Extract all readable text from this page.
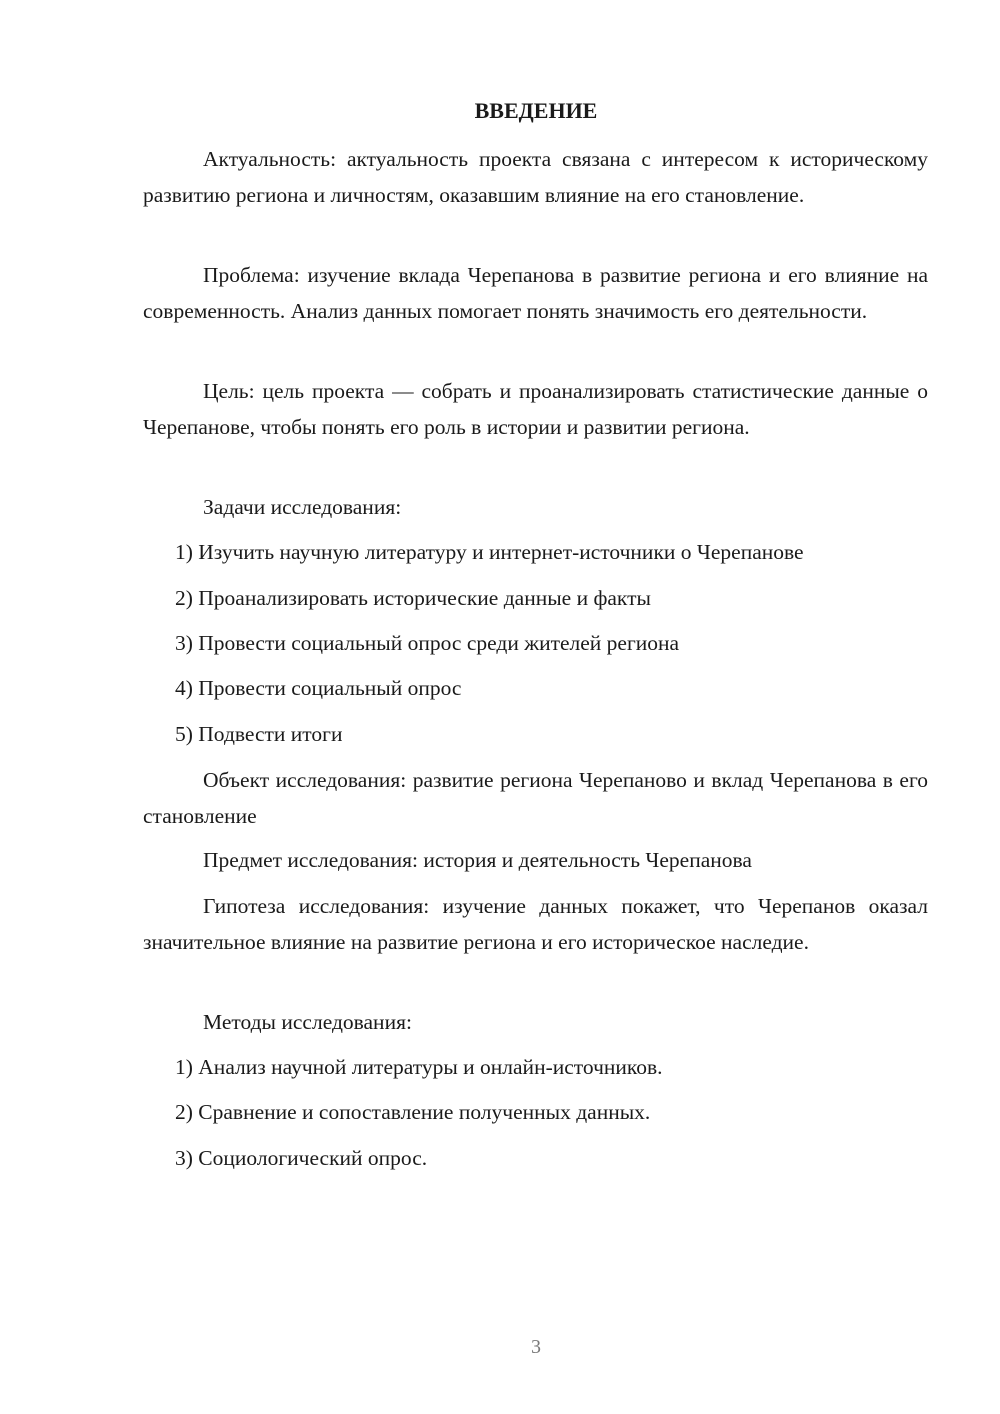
ВВЕДЕНИЕ

Актуальность: актуальность проекта связана с интересом к историческому развитию региона и личностям, оказавшим влияние на его становление.

Проблема: изучение вклада Черепанова в развитие региона и его влияние на современность. Анализ данных помогает понять значимость его деятельности.

Цель: цель проекта — собрать и проанализировать статистические данные о Черепанове, чтобы понять его роль в истории и развитии региона.

Задачи исследования:

1) Изучить научную литературу и интернет-источники о Черепанове

2) Проанализировать исторические данные и факты

3) Провести социальный опрос среди жителей региона

4) Провести социальный опрос

5) Подвести итоги

Объект исследования: развитие региона Черепаново и вклад Черепанова в его становление

Предмет исследования: история и деятельность Черепанова

Гипотеза исследования: изучение данных покажет, что Черепанов оказал значительное влияние на развитие региона и его историческое наследие.

Методы исследования:

1) Анализ научной литературы и онлайн-источников.

2) Сравнение и сопоставление полученных данных.

3) Социологический опрос.

3
